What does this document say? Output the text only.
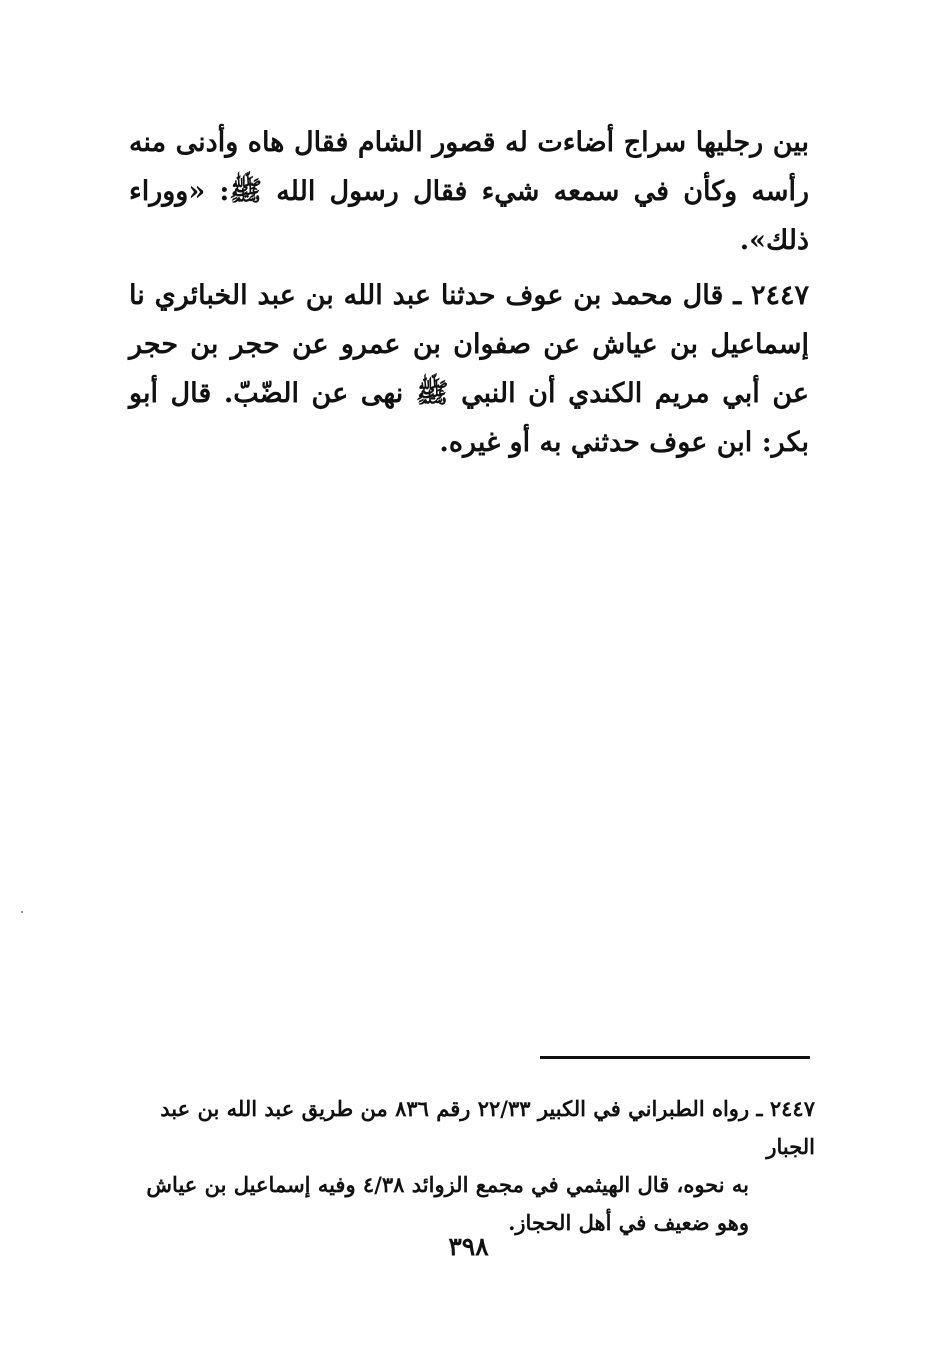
بين رجليها سراج أضاءت له قصور الشام فقال هاه وأدنى منه رأسه وكأن في سمعه شيء فقال رسول الله ﷺ: «ووراء ذلك».

٢٤٤٧ ـ قال محمد بن عوف حدثنا عبد الله بن عبد الخبائري نا إسماعيل بن عياش عن صفوان بن عمرو عن حجر بن حجر عن أبي مريم الكندي أن النبي ﷺ نهى عن الضّبّ. قال أبو بكر: ابن عوف حدثني به أو غيره.

٢٤٤٧ ـ رواه الطبراني في الكبير ٢٢/٣٣ رقم ٨٣٦ من طريق عبد الله بن عبد الجبار

به نحوه، قال الهيثمي في مجمع الزوائد ٤/٣٨ وفيه إسماعيل بن عياش وهو ضعيف في أهل الحجاز.

٣٩٨
